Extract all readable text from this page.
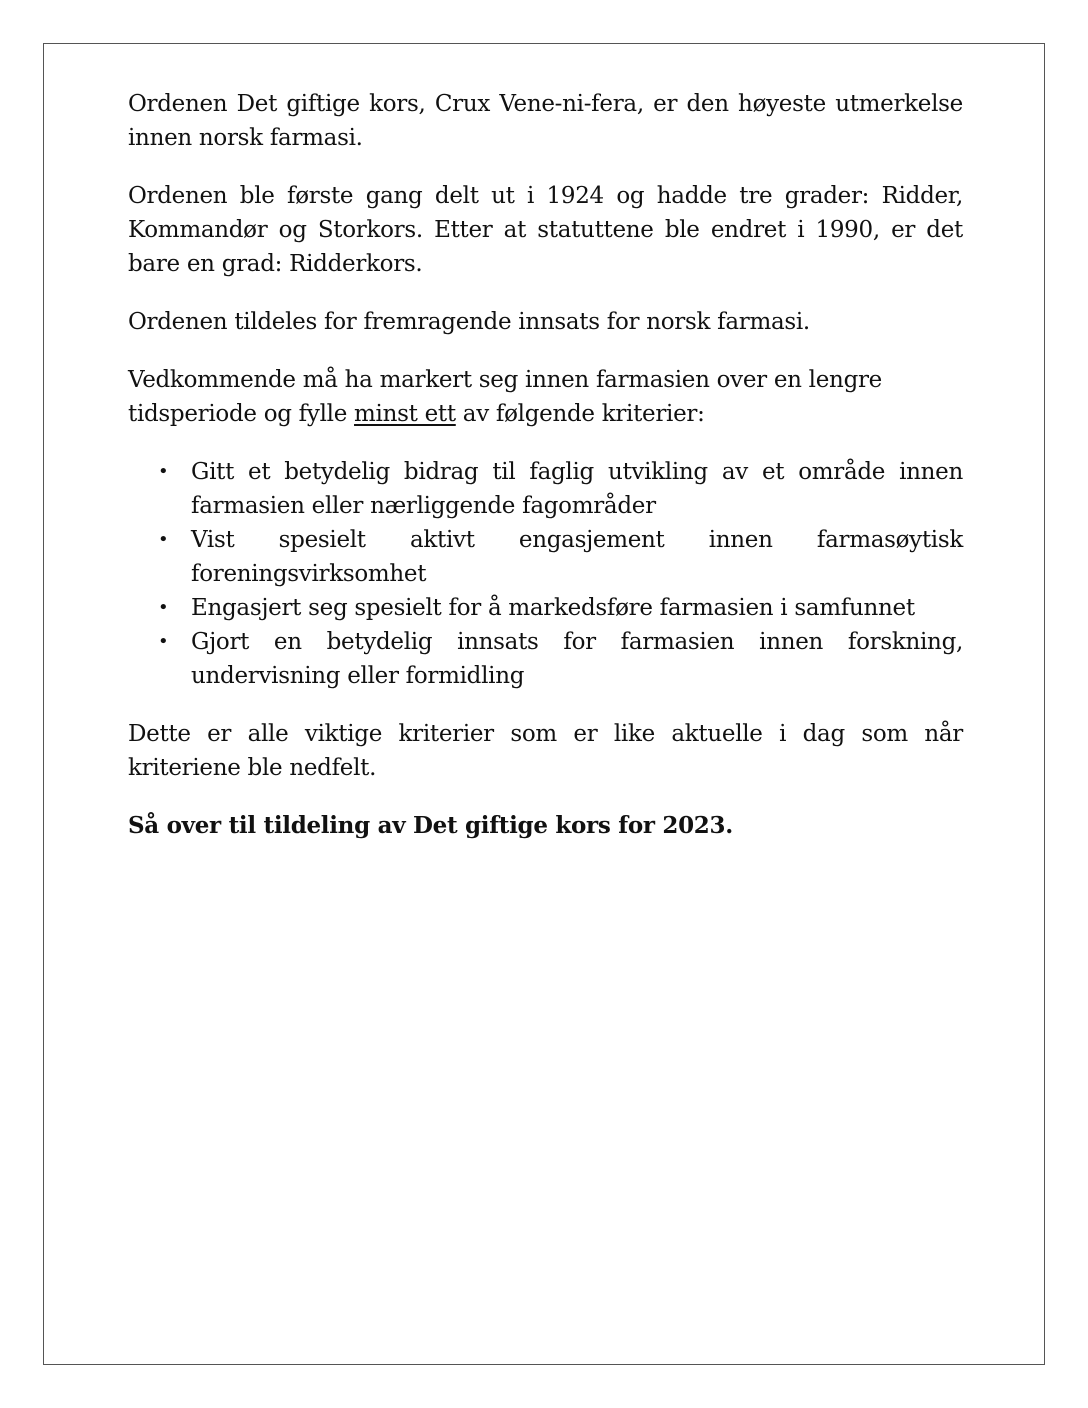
Ordenen Det giftige kors, Crux Vene-ni-fera, er den høyeste utmerkelse innen norsk farmasi.

Ordenen ble første gang delt ut i 1924 og hadde tre grader: Ridder, Kommandør og Storkors. Etter at statuttene ble endret i 1990, er det bare en grad: Ridderkors.

Ordenen tildeles for fremragende innsats for norsk farmasi.

Vedkommende må ha markert seg innen farmasien over en lengre tidsperiode og fylle minst ett av følgende kriterier:

• Gitt et betydelig bidrag til faglig utvikling av et område innen farmasien eller nærliggende fagområder
• Vist spesielt aktivt engasjement innen farmasøytisk foreningsvirksomhet
• Engasjert seg spesielt for å markedsføre farmasien i samfunnet
• Gjort en betydelig innsats for farmasien innen forskning, undervisning eller formidling

Dette er alle viktige kriterier som er like aktuelle i dag som når kriteriene ble nedfelt.

Så over til tildeling av Det giftige kors for 2023.
